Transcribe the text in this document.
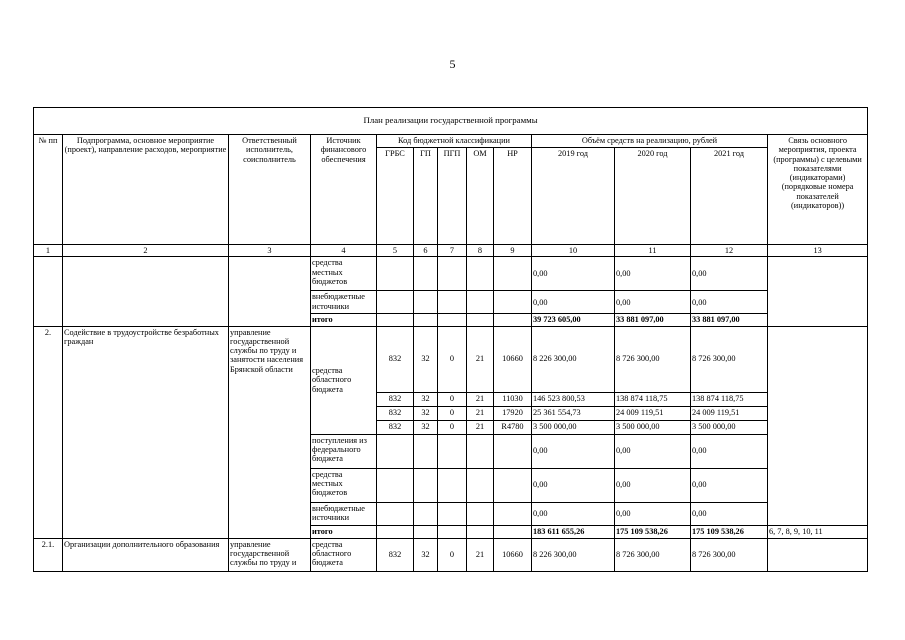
5
План реализации государственной программы												
№ пп	Подпрограмма, основное мероприятие (проект), направление расходов, мероприятие	Ответственный исполнитель, соисполнитель	Источник финансового обеспечения	Код бюджетной классификации					Объём средств на реализацию, рублей			Связь основного мероприятия, проекта (программы) с целевыми показателями (индикаторами) (порядковые номера показателей (индикаторов))
				ГРБС	ГП	ПГП	ОМ	НР	2019 год	2020 год	2021 год	
1	2	3	4	5	6	7	8	9	10	11	12	13
			средства местных бюджетов						0,00	0,00	0,00	
			внебюджетные источники						0,00	0,00	0,00	
			итого						39 723 605,00	33 881 097,00	33 881 097,00	
2.	Содействие в трудоустройстве безработных граждан	управление государственной службы по труду и занятости населения Брянской области	средства областного бюджета	832	32	0	21	10660	8 226 300,00	8 726 300,00	8 726 300,00	
				832	32	0	21	11030	146 523 800,53	138 874 118,75	138 874 118,75	
				832	32	0	21	17920	25 361 554,73	24 009 119,51	24 009 119,51	
				832	32	0	21	R4780	3 500 000,00	3 500 000,00	3 500 000,00	
			поступления из федерального бюджета						0,00	0,00	0,00	
			средства местных бюджетов						0,00	0,00	0,00	
			внебюджетные источники						0,00	0,00	0,00	
			итого						183 611 655,26	175 109 538,26	175 109 538,26	6, 7, 8, 9, 10, 11
2.1.	Организации дополнительного образования	управление государственной службы по труду и	средства областного бюджета	832	32	0	21	10660	8 226 300,00	8 726 300,00	8 726 300,00	
